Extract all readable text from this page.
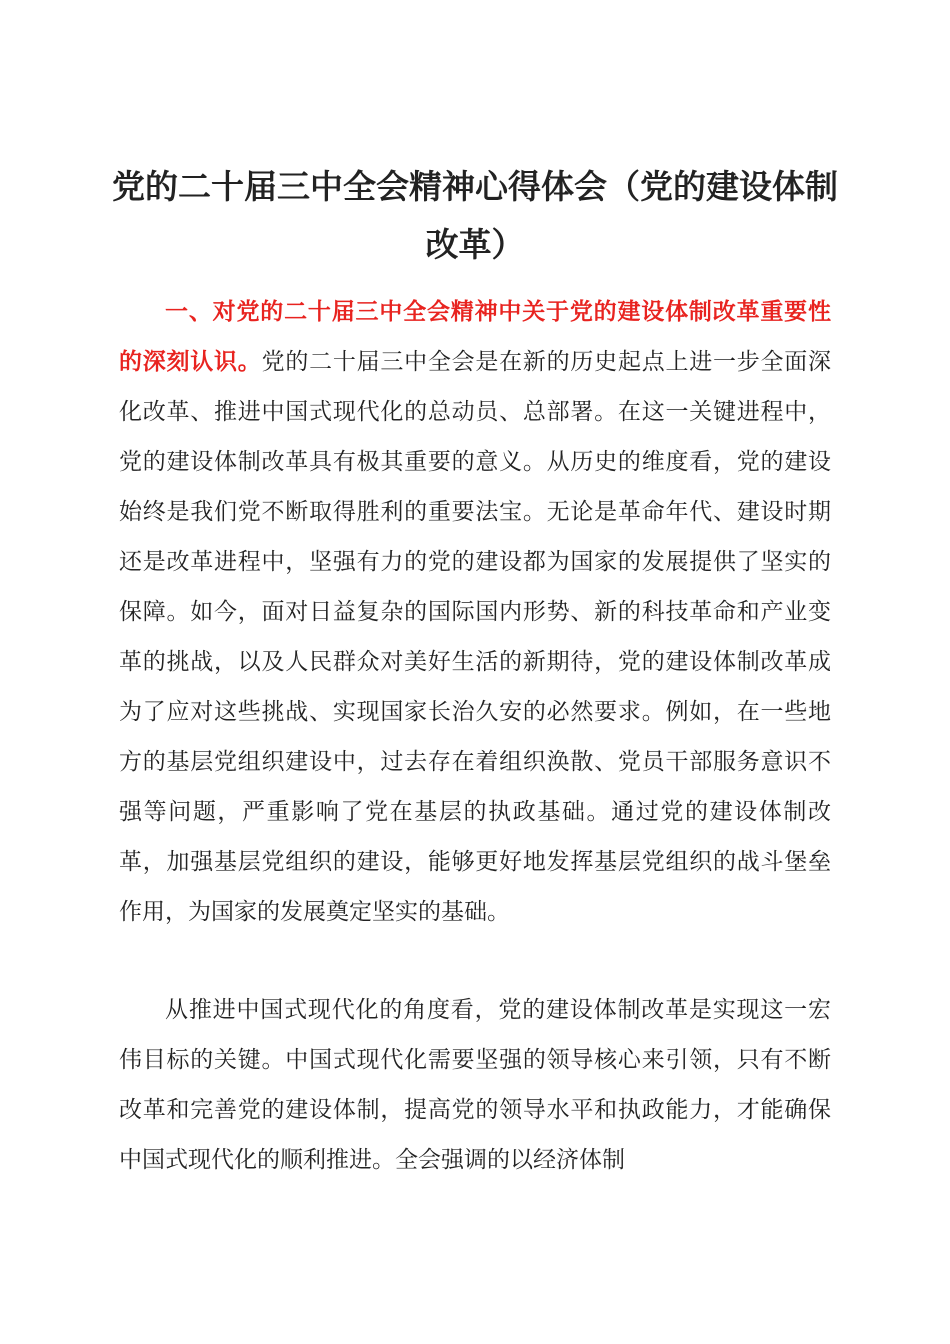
党的二十届三中全会精神心得体会（党的建设体制改革）

一、对党的二十届三中全会精神中关于党的建设体制改革重要性的深刻认识。党的二十届三中全会是在新的历史起点上进一步全面深化改革、推进中国式现代化的总动员、总部署。在这一关键进程中，党的建设体制改革具有极其重要的意义。从历史的维度看，党的建设始终是我们党不断取得胜利的重要法宝。无论是革命年代、建设时期还是改革进程中，坚强有力的党的建设都为国家的发展提供了坚实的保障。如今，面对日益复杂的国际国内形势、新的科技革命和产业变革的挑战，以及人民群众对美好生活的新期待，党的建设体制改革成为了应对这些挑战、实现国家长治久安的必然要求。例如，在一些地方的基层党组织建设中，过去存在着组织涣散、党员干部服务意识不强等问题，严重影响了党在基层的执政基础。通过党的建设体制改革，加强基层党组织的建设，能够更好地发挥基层党组织的战斗堡垒作用，为国家的发展奠定坚实的基础。

从推进中国式现代化的角度看，党的建设体制改革是实现这一宏伟目标的关键。中国式现代化需要坚强的领导核心来引领，只有不断改革和完善党的建设体制，提高党的领导水平和执政能力，才能确保中国式现代化的顺利推进。全会强调的以经济体制
